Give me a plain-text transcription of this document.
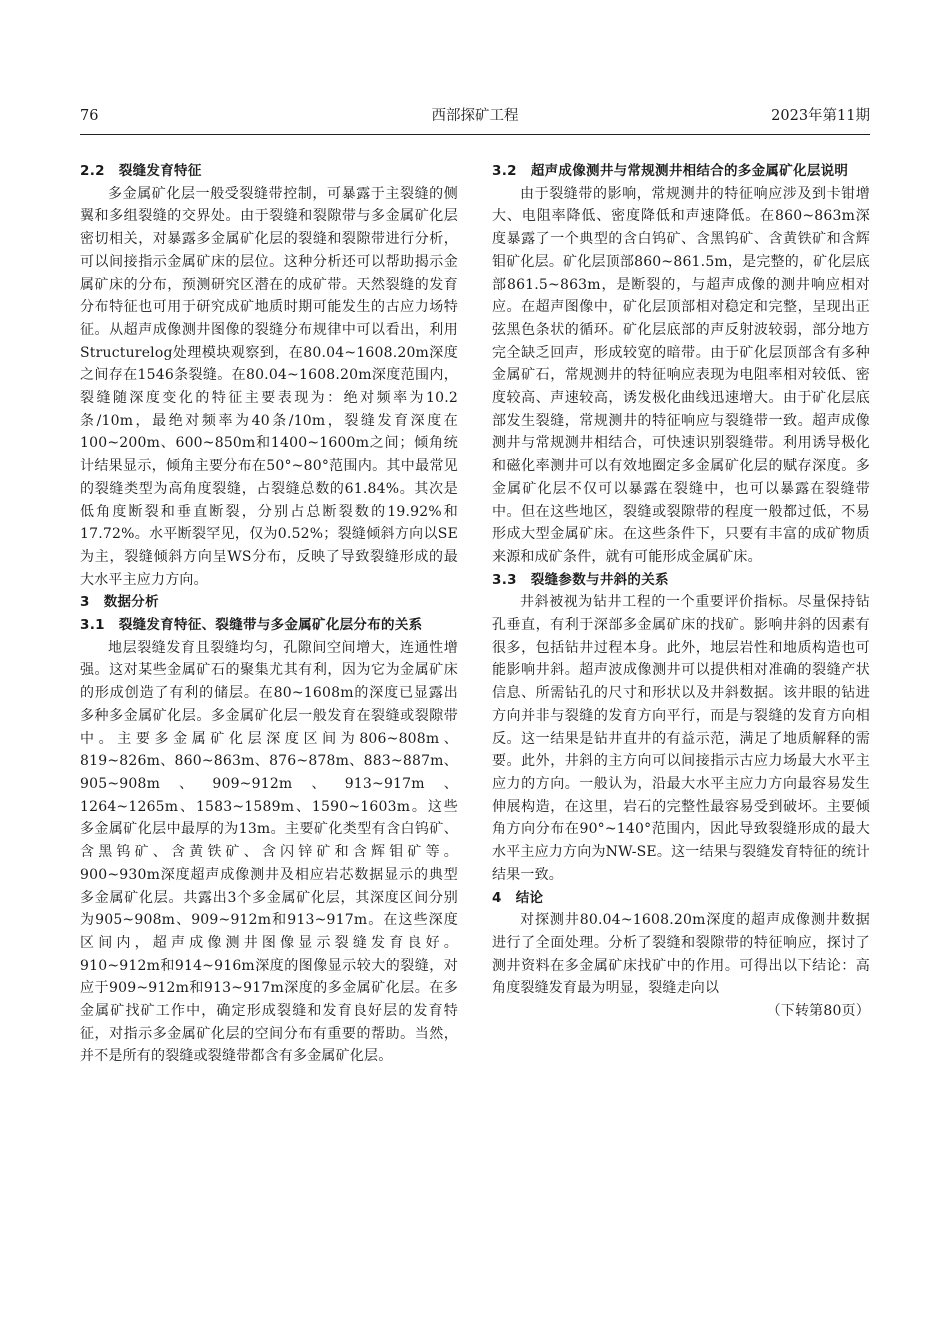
76	西部探矿工程	2023年第11期
2.2 裂缝发育特征

多金属矿化层一般受裂缝带控制，可暴露于主裂缝的侧翼和多组裂缝的交界处。由于裂缝和裂隙带与多金属矿化层密切相关，对暴露多金属矿化层的裂缝和裂隙带进行分析，可以间接指示金属矿床的层位。这种分析还可以帮助揭示金属矿床的分布，预测研究区潜在的成矿带。天然裂缝的发育分布特征也可用于研究成矿地质时期可能发生的古应力场特征。从超声成像测井图像的裂缝分布规律中可以看出，利用Structurelog处理模块观察到，在80.04~1608.20m深度之间存在1546条裂缝。在80.04~1608.20m深度范围内，裂缝随深度变化的特征主要表现为：绝对频率为10.2条/10m，最绝对频率为40条/10m，裂缝发育深度在100~200m、600~850m和1400~1600m之间；倾角统计结果显示，倾角主要分布在50°~80°范围内。其中最常见的裂缝类型为高角度裂缝，占裂缝总数的61.84%。其次是低角度断裂和垂直断裂，分别占总断裂数的19.92%和17.72%。水平断裂罕见，仅为0.52%；裂缝倾斜方向以SE为主，裂缝倾斜方向呈WS分布，反映了导致裂缝形成的最大水平主应力方向。

3 数据分析
3.1 裂缝发育特征、裂缝带与多金属矿化层分布的关系

地层裂缝发育且裂缝均匀，孔隙间空间增大，连通性增强。这对某些金属矿石的聚集尤其有利，因为它为金属矿床的形成创造了有利的储层。在80~1608m的深度已显露出多种多金属矿化层。多金属矿化层一般发育在裂缝或裂隙带中。主要多金属矿化层深度区间为806~808m、819~826m、860~863m、876~878m、883~887m、905~908m、909~912m、913~917m、1264~1265m、1583~1589m、1590~1603m。这些多金属矿化层中最厚的为13m。主要矿化类型有含白钨矿、含黑钨矿、含黄铁矿、含闪锌矿和含辉钼矿等。900~930m深度超声成像测井及相应岩芯数据显示的典型多金属矿化层。共露出3个多金属矿化层，其深度区间分别为905~908m、909~912m和913~917m。在这些深度区间内，超声成像测井图像显示裂缝发育良好。910~912m和914~916m深度的图像显示较大的裂缝，对应于909~912m和913~917m深度的多金属矿化层。在多金属矿找矿工作中，确定形成裂缝和发育良好层的发育特征，对指示多金属矿化层的空间分布有重要的帮助。当然，并不是所有的裂缝或裂缝带都含有多金属矿化层。

3.2 超声成像测井与常规测井相结合的多金属矿化层说明

由于裂缝带的影响，常规测井的特征响应涉及到卡钳增大、电阻率降低、密度降低和声速降低。在860~863m深度暴露了一个典型的含白钨矿、含黑钨矿、含黄铁矿和含辉钼矿化层。矿化层顶部860~861.5m，是完整的，矿化层底部861.5~863m，是断裂的，与超声成像的测井响应相对应。在超声图像中，矿化层顶部相对稳定和完整，呈现出正弦黑色条状的循环。矿化层底部的声反射波较弱，部分地方完全缺乏回声，形成较宽的暗带。由于矿化层顶部含有多种金属矿石，常规测井的特征响应表现为电阻率相对较低、密度较高、声速较高，诱发极化曲线迅速增大。由于矿化层底部发生裂缝，常规测井的特征响应与裂缝带一致。超声成像测井与常规测井相结合，可快速识别裂缝带。利用诱导极化和磁化率测井可以有效地圈定多金属矿化层的赋存深度。多金属矿化层不仅可以暴露在裂缝中，也可以暴露在裂缝带中。但在这些地区，裂缝或裂隙带的程度一般都过低，不易形成大型金属矿床。在这些条件下，只要有丰富的成矿物质来源和成矿条件，就有可能形成金属矿床。

3.3 裂缝参数与井斜的关系

井斜被视为钻井工程的一个重要评价指标。尽量保持钻孔垂直，有利于深部多金属矿床的找矿。影响井斜的因素有很多，包括钻井过程本身。此外，地层岩性和地质构造也可能影响井斜。超声波成像测井可以提供相对准确的裂缝产状信息、所需钻孔的尺寸和形状以及井斜数据。该井眼的钻进方向并非与裂缝的发育方向平行，而是与裂缝的发育方向相反。这一结果是钻井直井的有益示范，满足了地质解释的需要。此外，井斜的主方向可以间接指示古应力场最大水平主应力的方向。一般认为，沿最大水平主应力方向最容易发生伸展构造，在这里，岩石的完整性最容易受到破坏。主要倾角方向分布在90°~140°范围内，因此导致裂缝形成的最大水平主应力方向为NW-SE。这一结果与裂缝发育特征的统计结果一致。

4 结论

对探测井80.04~1608.20m深度的超声成像测井数据进行了全面处理。分析了裂缝和裂隙带的特征响应，探讨了测井资料在多金属矿床找矿中的作用。可得出以下结论：高角度裂缝发育最为明显，裂缝走向以

（下转第80页）
